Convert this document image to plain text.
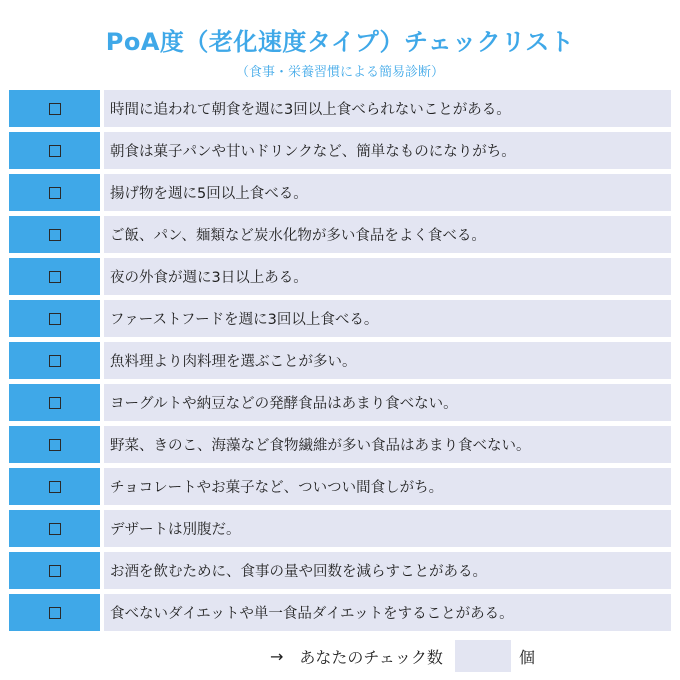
PoA度（老化速度タイプ）チェックリスト
（食事・栄養習慣による簡易診断）
時間に追われて朝食を週に3回以上食べられないことがある。
朝食は菓子パンや甘いドリンクなど、簡単なものになりがち。
揚げ物を週に5回以上食べる。
ご飯、パン、麺類など炭水化物が多い食品をよく食べる。
夜の外食が週に3日以上ある。
ファーストフードを週に3回以上食べる。
魚料理より肉料理を選ぶことが多い。
ヨーグルトや納豆などの発酵食品はあまり食べない。
野菜、きのこ、海藻など食物繊維が多い食品はあまり食べない。
チョコレートやお菓子など、ついつい間食しがち。
デザートは別腹だ。
お酒を飲むために、食事の量や回数を減らすことがある。
食べないダイエットや単一食品ダイエットをすることがある。
→ あなたのチェック数	個
